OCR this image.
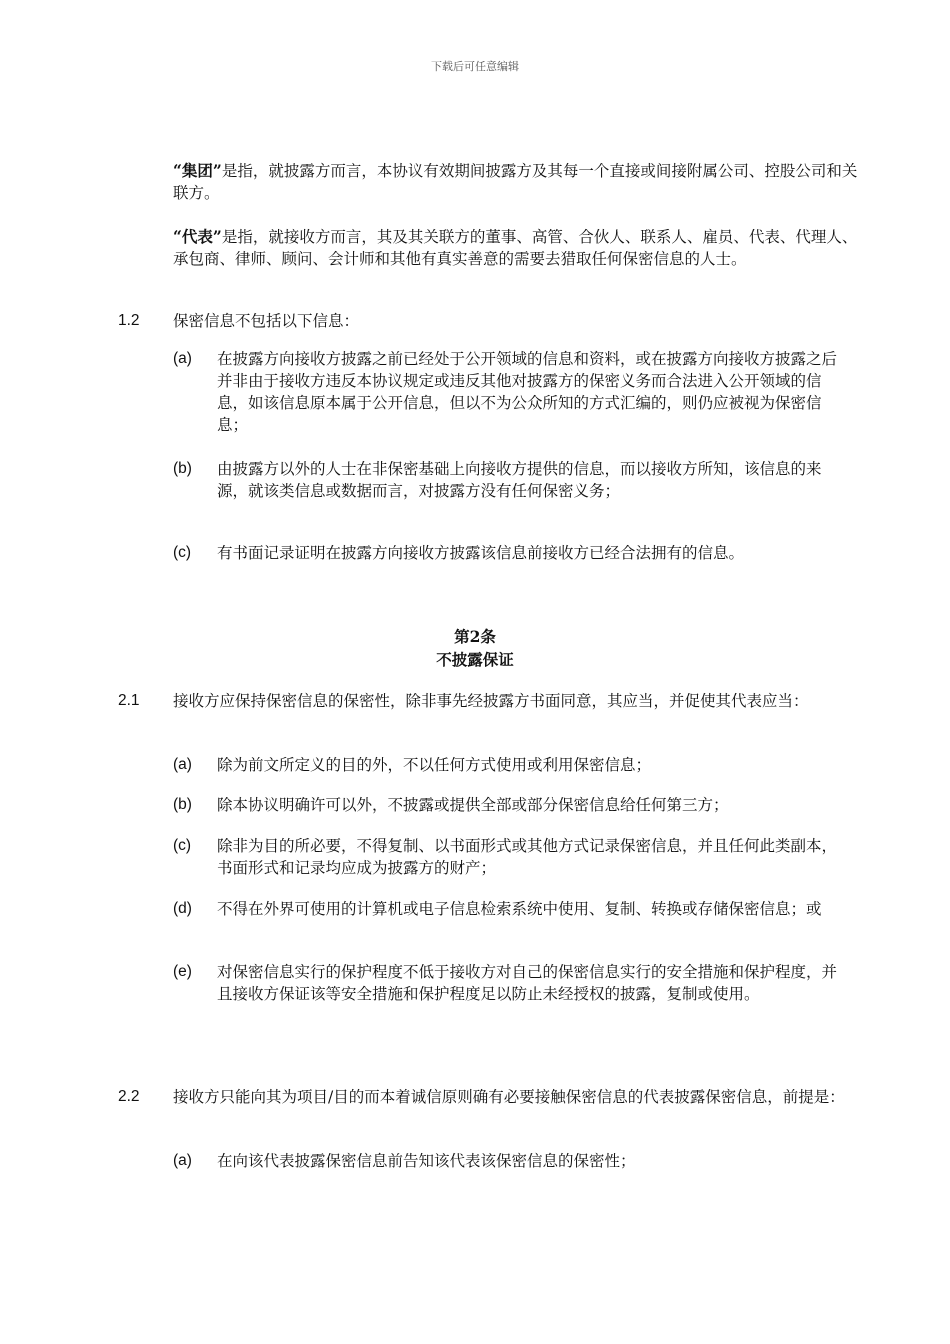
下载后可任意编辑
“集团”是指，就披露方而言，本协议有效期间披露方及其每一个直接或间接附属公司、控股公司和关联方。
“代表”是指，就接收方而言，其及其关联方的董事、高管、合伙人、联系人、雇员、代表、代理人、承包商、律师、顾问、会计师和其他有真实善意的需要去猎取任何保密信息的人士。
1.2 保密信息不包括以下信息：
(a) 在披露方向接收方披露之前已经处于公开领域的信息和资料，或在披露方向接收方披露之后并非由于接收方违反本协议规定或违反其他对披露方的保密义务而合法进入公开领域的信息，如该信息原本属于公开信息，但以不为公众所知的方式汇编的，则仍应被视为保密信息；
(b) 由披露方以外的人士在非保密基础上向接收方提供的信息，而以接收方所知，该信息的来源，就该类信息或数据而言，对披露方没有任何保密义务；
(c) 有书面记录证明在披露方向接收方披露该信息前接收方已经合法拥有的信息。
第2条
不披露保证
2.1 接收方应保持保密信息的保密性，除非事先经披露方书面同意，其应当，并促使其代表应当：
(a) 除为前文所定义的目的外，不以任何方式使用或利用保密信息；
(b) 除本协议明确许可以外，不披露或提供全部或部分保密信息给任何第三方；
(c) 除非为目的所必要，不得复制、以书面形式或其他方式记录保密信息，并且任何此类副本，书面形式和记录均应成为披露方的财产；
(d) 不得在外界可使用的计算机或电子信息检索系统中使用、复制、转换或存储保密信息；或
(e) 对保密信息实行的保护程度不低于接收方对自己的保密信息实行的安全措施和保护程度，并且接收方保证该等安全措施和保护程度足以防止未经授权的披露，复制或使用。
2.2 接收方只能向其为项目/目的而本着诚信原则确有必要接触保密信息的代表披露保密信息，前提是：
(a) 在向该代表披露保密信息前告知该代表该保密信息的保密性；
